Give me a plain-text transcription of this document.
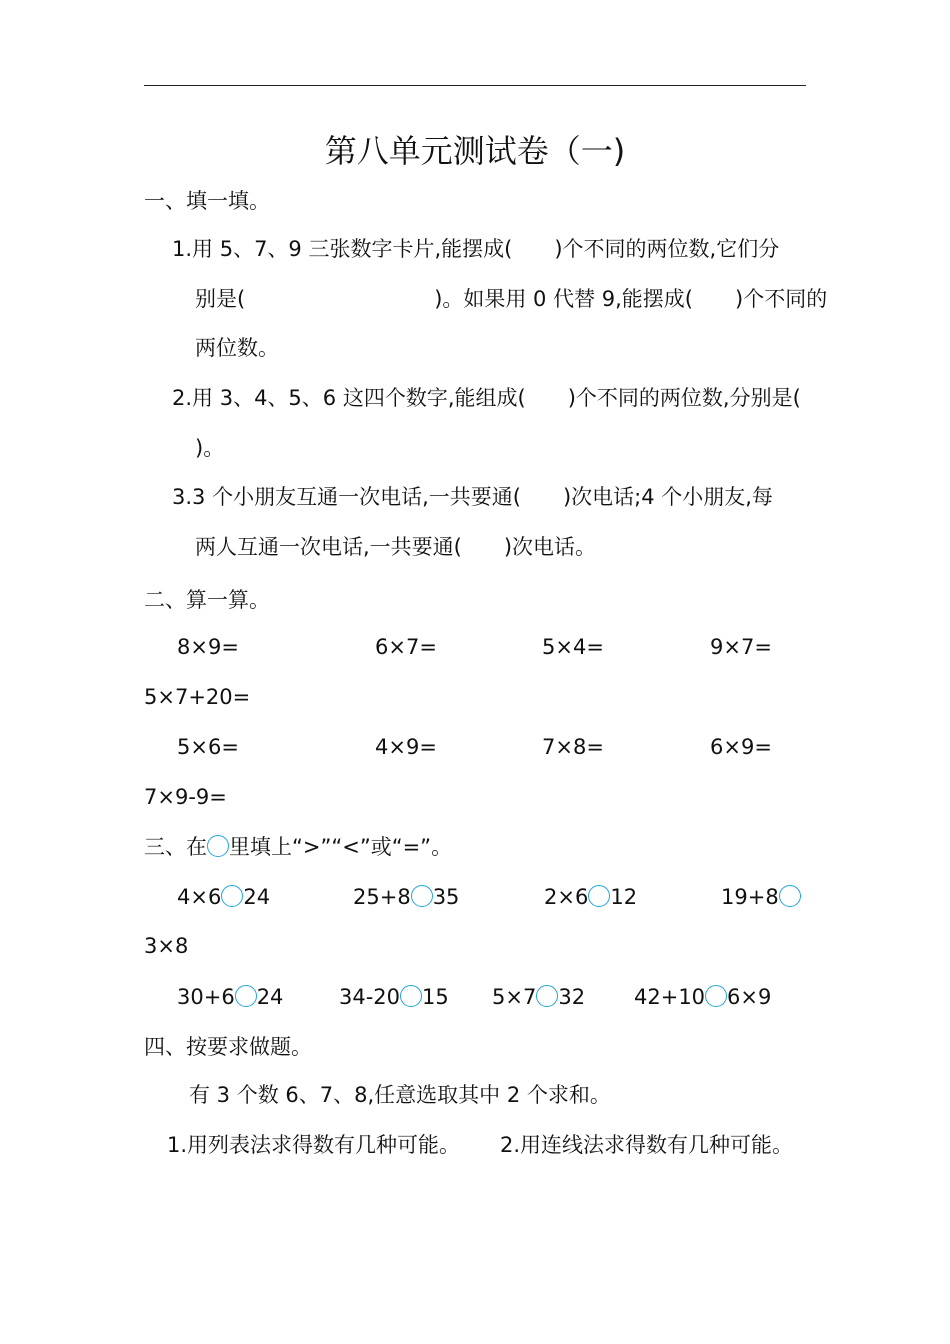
第八单元测试卷（一)
一、填一填。
1.用 5、7、9 三张数字卡片,能摆成(　　)个不同的两位数,它们分
别是(　　　　　　　　　)。如果用 0 代替 9,能摆成(　　)个不同的
两位数。
2.用 3、4、5、6 这四个数字,能组成(　　)个不同的两位数,分别是(
)。
3.3 个小朋友互通一次电话,一共要通(　　)次电话;4 个小朋友,每
两人互通一次电话,一共要通(　　)次电话。
二、算一算。
8×9=	6×7=	5×4=	9×7=
5×7+20=
5×6=	4×9=	7×8=	6×9=
7×9-9=
三、在 里填上“>”“<”或“=”。
4×6 24	25+8 35	2×6 12	19+8
3×8
30+6 24	34-20 15 5×7 32 42+10 6×9
四、按要求做题。
有 3 个数 6、7、8,任意选取其中 2 个求和。
1.用列表法求得数有几种可能。 2.用连线法求得数有几种可能。
